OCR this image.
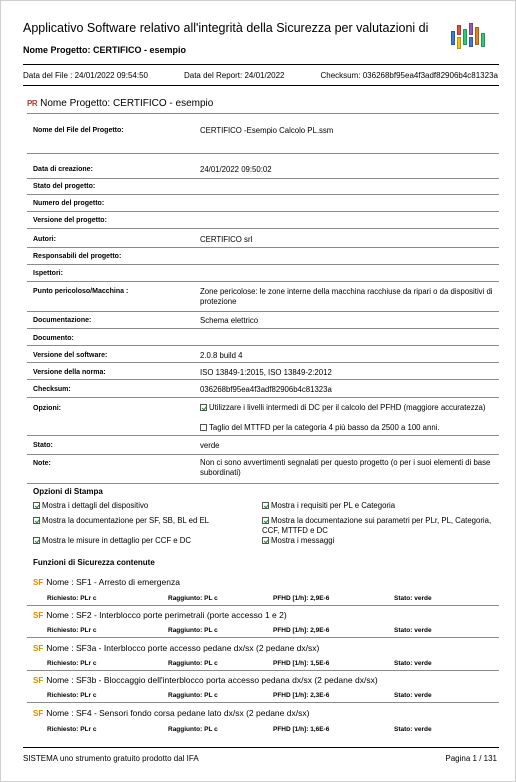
Applicativo Software relativo all'integrità della Sicurezza per valutazioni di
Nome Progetto: CERTIFICO - esempio
Data del File : 24/01/2022 09:54:50	Data del Report: 24/01/2022	Checksum: 036268bf95ea4f3adf82906b4c81323a
PR Nome Progetto: CERTIFICO - esempio
Nome del File del Progetto:	CERTIFICO -Esempio Calcolo PL.ssm
Data di creazione:	24/01/2022 09:50:02
Stato del progetto:
Numero del progetto:
Versione del progetto:
Autori:	CERTIFICO srl
Responsabili del progetto:
Ispettori:
Punto pericoloso/Macchina :	Zone pericolose: le zone interne della macchina racchiuse da ripari o da dispositivi di protezione
Documentazione:	Schema elettrico
Documento:
Versione del software:	2.0.8 build 4
Versione della norma:	ISO 13849-1:2015, ISO 13849-2:2012
Checksum:	036268bf95ea4f3adf82906b4c81323a
Opzioni:	Utilizzare i livelli intermedi di DC per il calcolo del PFHD (maggiore accuratezza)
Taglio del MTTFD per la categoria 4 più basso da 2500 a 100 anni.
Stato:	verde
Note:	Non ci sono avvertimenti segnalati per questo progetto (o per i suoi elementi di base subordinati)
Opzioni di Stampa
Mostra i dettagli del dispositivo	Mostra i requisiti per PL e Categoria
Mostra la documentazione per SF, SB, BL ed EL	Mostra la documentazione sui parametri per PLr, PL, Categoria, CCF, MTTFD e DC
Mostra le misure in dettaglio per CCF e DC	Mostra i messaggi
Funzioni di Sicurezza contenute
SF Nome : SF1 - Arresto di emergenza
Richiesto: PLr c	Raggiunto: PL c	PFHD [1/h]: 2,9E-6	Stato: verde
SF Nome : SF2 - Interblocco porte perimetrali (porte accesso 1 e 2)
Richiesto: PLr c	Raggiunto: PL c	PFHD [1/h]: 2,9E-6	Stato: verde
SF Nome : SF3a - Interblocco porte accesso pedane dx/sx (2 pedane dx/sx)
Richiesto: PLr c	Raggiunto: PL c	PFHD [1/h]: 1,5E-6	Stato: verde
SF Nome : SF3b - Bloccaggio dell'interblocco porta accesso pedana dx/sx (2 pedane dx/sx)
Richiesto: PLr c	Raggiunto: PL c	PFHD [1/h]: 2,3E-6	Stato: verde
SF Nome : SF4 - Sensori fondo corsa pedane lato dx/sx (2 pedane dx/sx)
Richiesto: PLr c	Raggiunto: PL c	PFHD [1/h]: 1,6E-6	Stato: verde
SISTEMA uno strumento gratuito prodotto dal IFA	Pagina 1 / 131
